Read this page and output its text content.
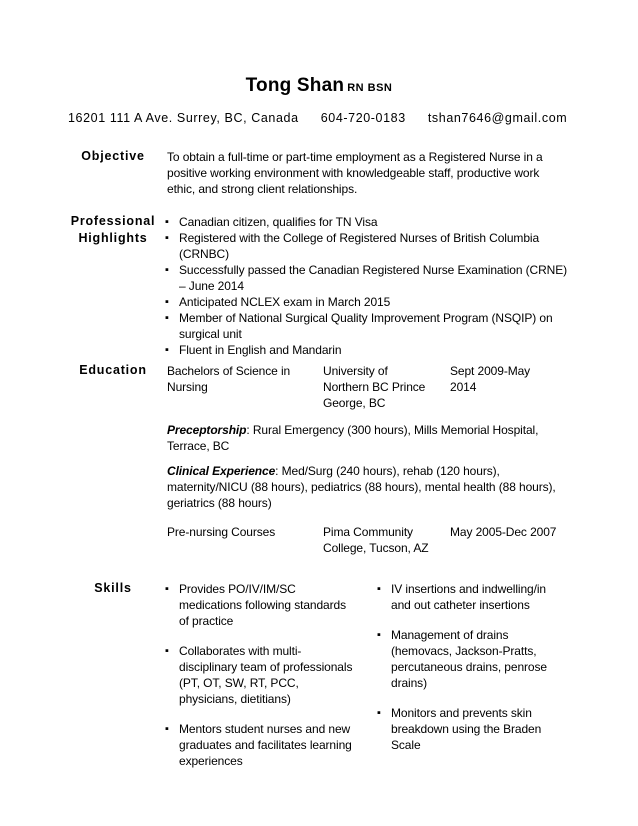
Tong Shan RN BSN
16201 111 A Ave. Surrey, BC, Canada 604-720-0183 tshan7646@gmail.com
Objective	To obtain a full-time or part-time employment as a Registered Nurse in a positive working environment with knowledgeable staff, productive work ethic, and strong client relationships.
Professional
Highlights
▪ Canadian citizen, qualifies for TN Visa
▪ Registered with the College of Registered Nurses of British Columbia (CRNBC)
▪ Successfully passed the Canadian Registered Nurse Examination (CRNE) – June 2014
▪ Anticipated NCLEX exam in March 2015
▪ Member of National Surgical Quality Improvement Program (NSQIP) on surgical unit
▪ Fluent in English and Mandarin
Education	Bachelors of Science in Nursing
University of Northern BC Prince George, BC
Sept 2009-May 2014
Preceptorship: Rural Emergency (300 hours), Mills Memorial Hospital, Terrace, BC
Clinical Experience: Med/Surg (240 hours), rehab (120 hours), maternity/NICU (88 hours), pediatrics (88 hours), mental health (88 hours), geriatrics (88 hours)
Pre-nursing Courses	Pima Community College, Tucson, AZ
May 2005-Dec 2007
Skills
▪	Provides PO/IV/IM/SC medications following standards of practice
▪ Collaborates with multi-disciplinary team of professionals (PT, OT, SW, RT, PCC, physicians, dietitians)
▪ Mentors student nurses and new graduates and facilitates learning experiences
▪ IV insertions and indwelling/in and out catheter insertions
▪ Management of drains (hemovacs, Jackson-Pratts, percutaneous drains, penrose drains)
▪ Monitors and prevents skin breakdown using the Braden Scale
